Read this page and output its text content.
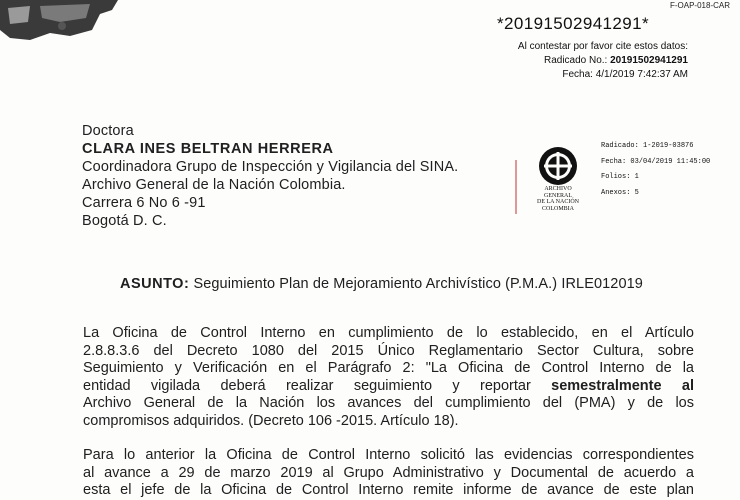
F-OAP-018-CAR
*20191502941291*
Al contestar por favor cite estos datos:
Radicado No.: 20191502941291
Fecha: 4/1/2019 7:42:37 AM
Doctora
CLARA INES BELTRAN HERRERA
Coordinadora Grupo de Inspección y Vigilancia del SINA.
Archivo General de la Nación Colombia.
Carrera 6 No 6 -91
Bogotá D. C.
ARCHIVO
GENERAL
DE LA NACIÓN
COLOMBIA
Radicado: 1-2019-03876
Fecha: 03/04/2019 11:45:00
Folios: 1
Anexos: 5
ASUNTO: Seguimiento Plan de Mejoramiento Archivístico (P.M.A.) IRLE012019
La Oficina de Control Interno en cumplimiento de lo establecido, en el Artículo
2.8.8.3.6 del Decreto 1080 del 2015 Único Reglamentario Sector Cultura, sobre
Seguimiento y Verificación en el Parágrafo 2: "La Oficina de Control Interno de la
entidad vigilada deberá realizar seguimiento y reportar semestralmente al
Archivo General de la Nación los avances del cumplimiento del (PMA) y de los
compromisos adquiridos. (Decreto 106 -2015. Artículo 18).
Para lo anterior la Oficina de Control Interno solicitó las evidencias correspondientes
al avance a 29 de marzo 2019 al Grupo Administrativo y Documental de acuerdo a
esta el jefe de la Oficina de Control Interno remite informe de avance de este plan
